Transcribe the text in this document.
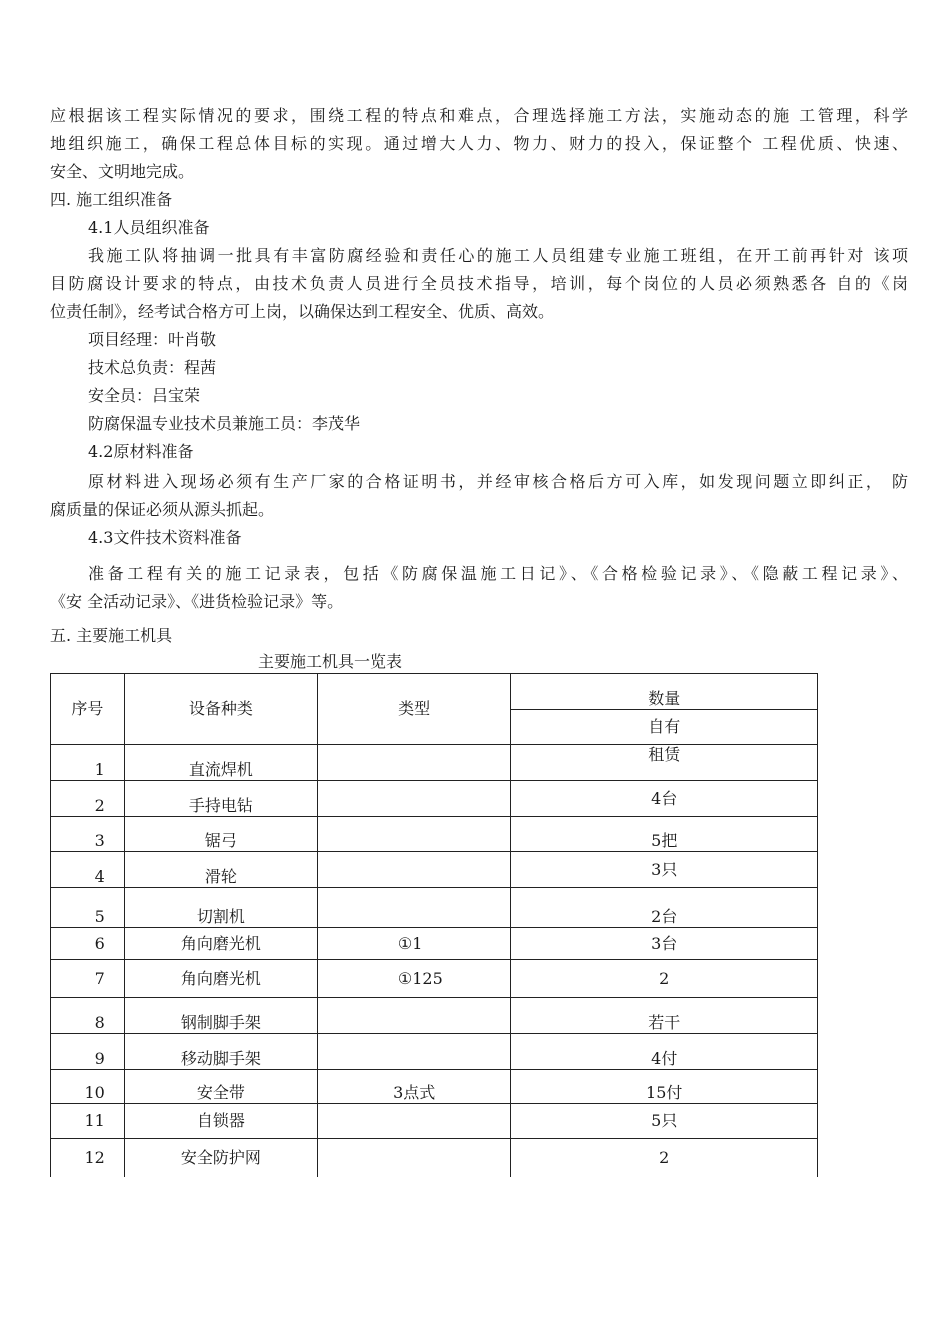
应根据该工程实际情况的要求，围绕工程的特点和难点，合理选择施工方法，实施动态的施 工管理，科学
地组织施工，确保工程总体目标的实现。通过增大人力、物力、财力的投入，保证整个 工程优质、快速、
安全、文明地完成。
四. 施工组织准备
4.1人员组织准备
我施工队将抽调一批具有丰富防腐经验和责任心的施工人员组建专业施工班组，在开工前再针对 该项
目防腐设计要求的特点，由技术负责人员进行全员技术指导，培训，每个岗位的人员必须熟悉各 自的《岗
位责任制》，经考试合格方可上岗，以确保达到工程安全、优质、高效。
项目经理：叶肖敬
技术总负责：程茜
安全员：吕宝荣
防腐保温专业技术员兼施工员：李茂华
4.2原材料准备
原材料进入现场必须有生产厂家的合格证明书，并经审核合格后方可入库，如发现问题立即纠正， 防
腐质量的保证必须从源头抓起。
4.3文件技术资料准备
准备工程有关的施工记录表，包括《防腐保温施工日记》、《合格检验记录》、《隐蔽工程记录》、
《安 全活动记录》、《进货检验记录》等。
五. 主要施工机具
主要施工机具一览表
序号	设备种类	类型	数量
			自有
1	直流焊机		租赁
2	手持电钻		4台
3	锯弓		5把
4	滑轮		3只
5	切割机		2台
6	角向磨光机	①1	3台
7	角向磨光机	①125	2
8	钢制脚手架		若干
9	移动脚手架		4付
10	安全带	3点式	15付
11	自锁器		5只
12	安全防护网		2
